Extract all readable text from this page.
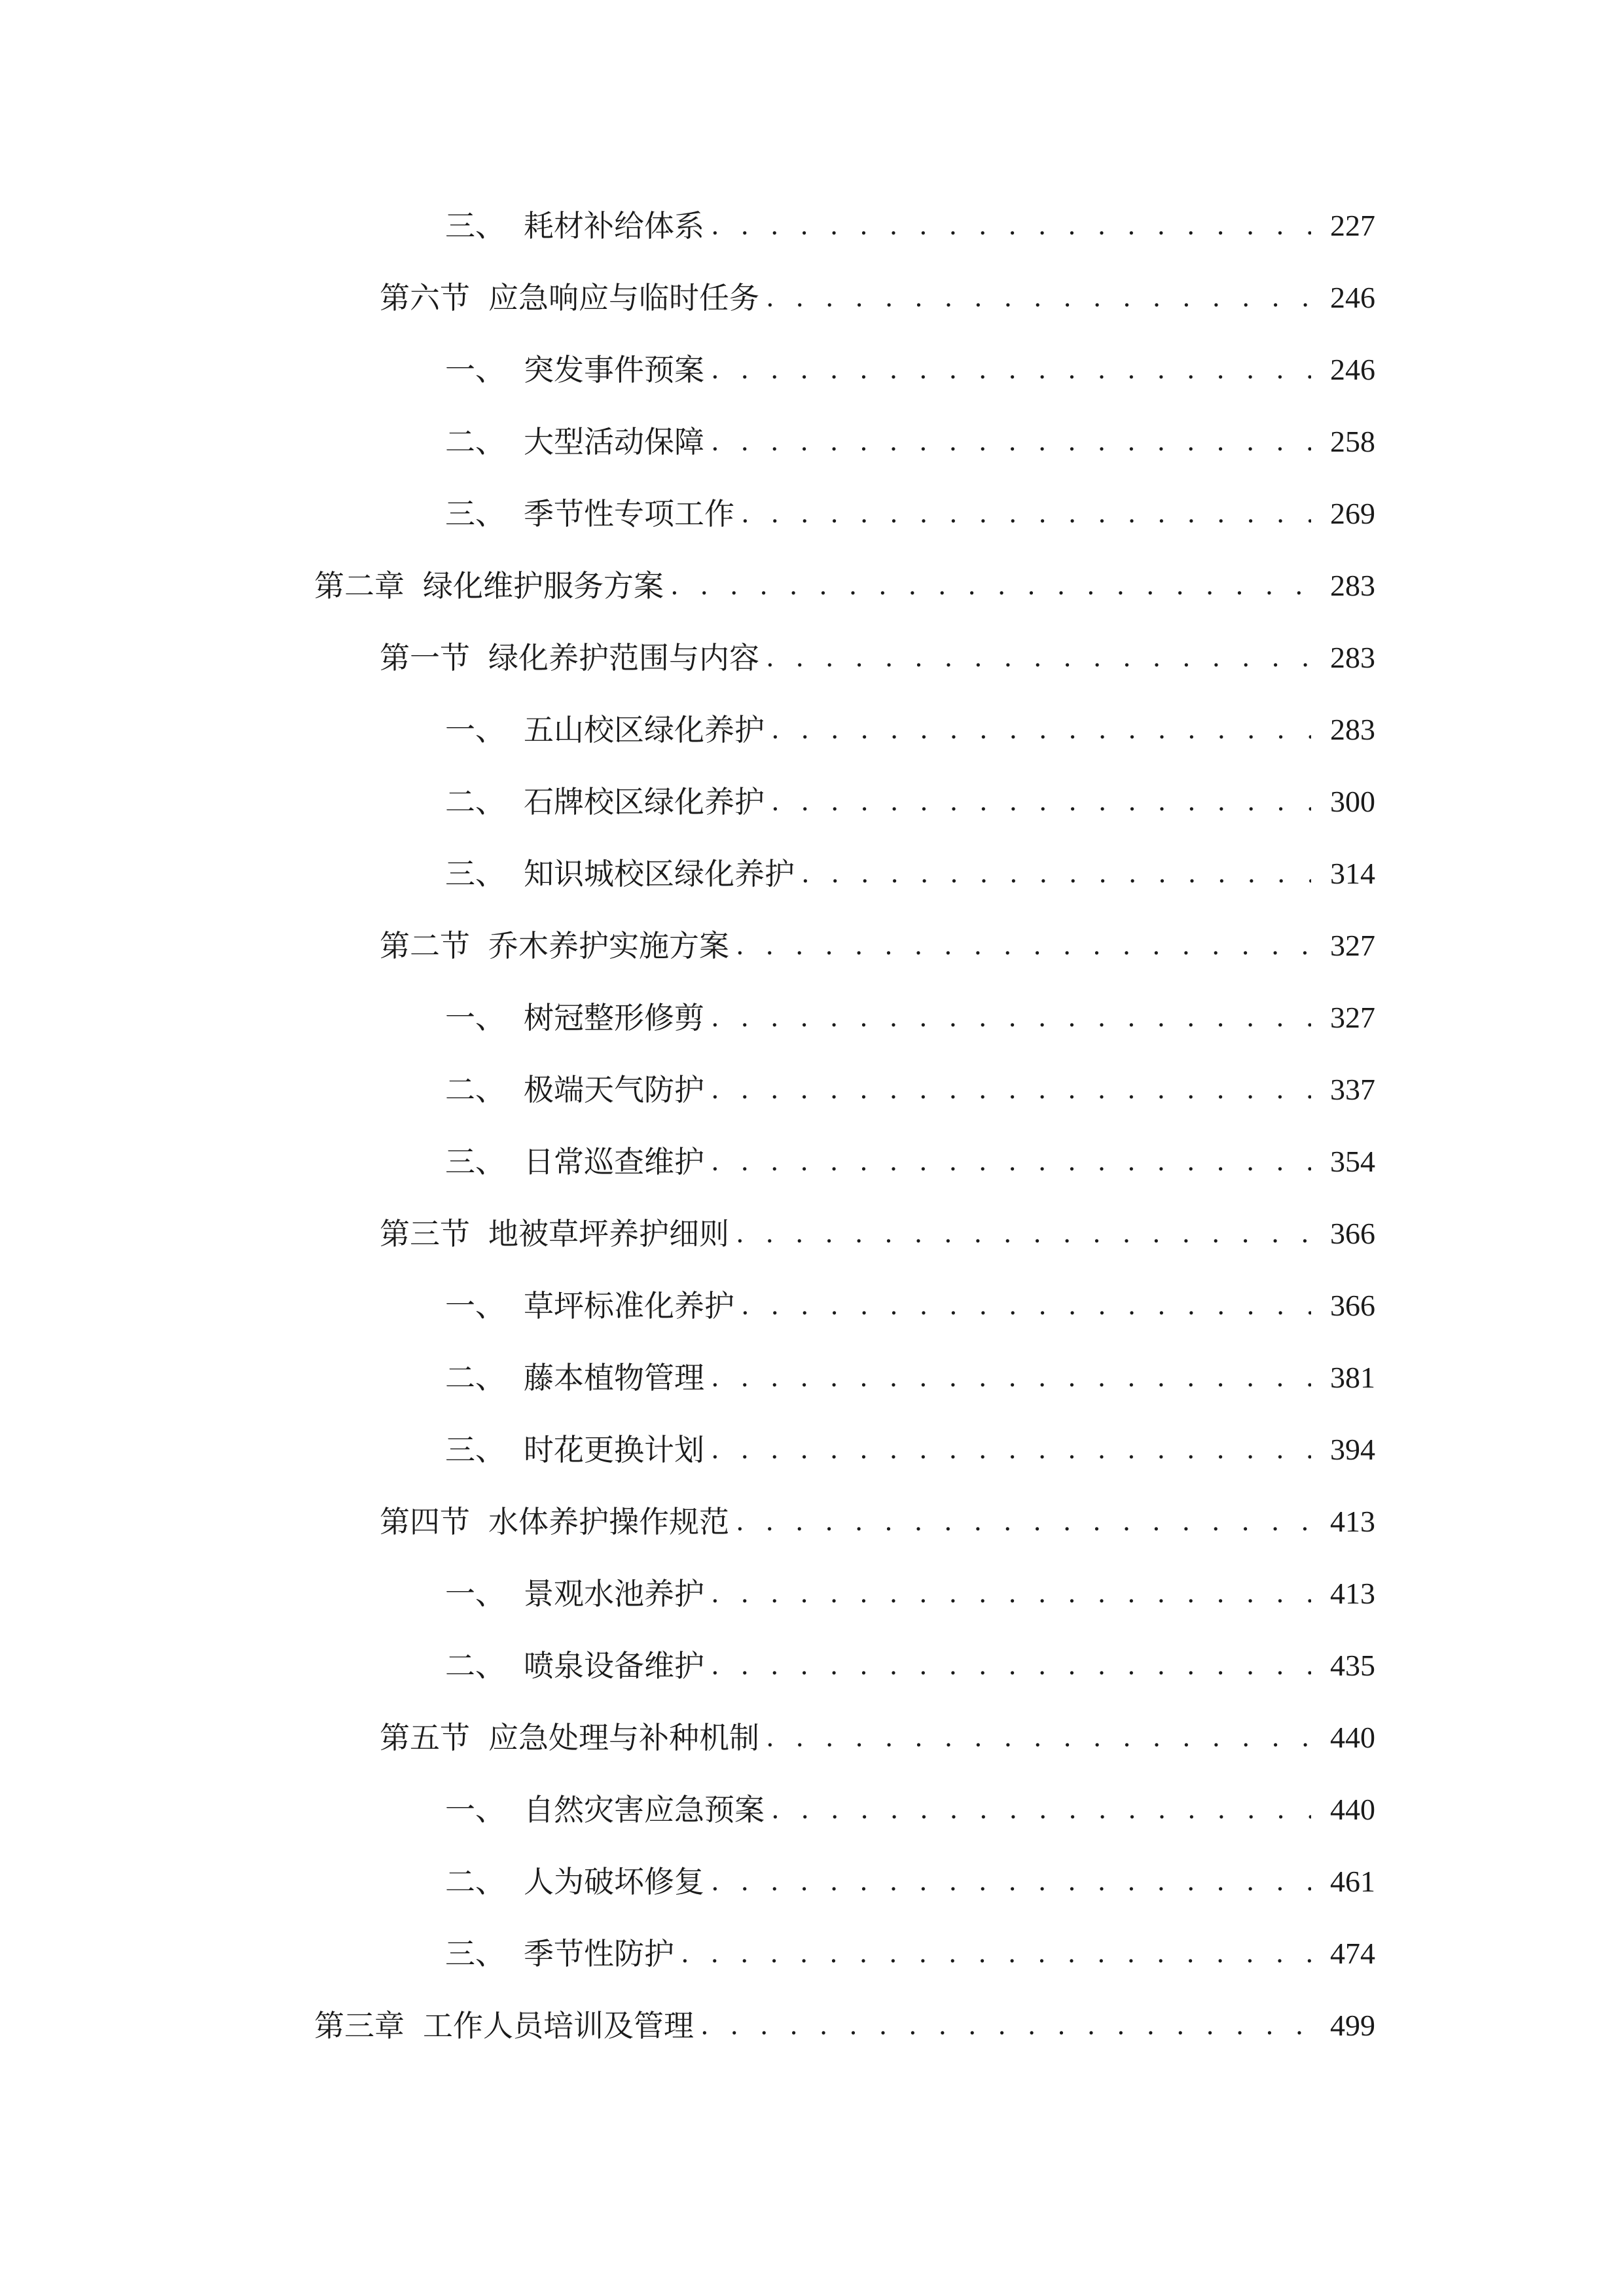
三、 耗材补给体系 . . .	227
第六节 应急响应与临时任务 . . .	246
一、 突发事件预案 . . .	246
二、 大型活动保障 . . .	258
三、 季节性专项工作 . . .	269
第二章 绿化维护服务方案 . . .	283
第一节 绿化养护范围与内容 . . .	283
一、 五山校区绿化养护 . . .	283
二、 石牌校区绿化养护 . . .	300
三、 知识城校区绿化养护 . . .	314
第二节 乔木养护实施方案 . . .	327
一、 树冠整形修剪 . . .	327
二、 极端天气防护 . . .	337
三、 日常巡查维护 . . .	354
第三节 地被草坪养护细则 . . .	366
一、 草坪标准化养护 . . .	366
二、 藤本植物管理 . . .	381
三、 时花更换计划 . . .	394
第四节 水体养护操作规范 . . .	413
一、 景观水池养护 . . .	413
二、 喷泉设备维护 . . .	435
第五节 应急处理与补种机制 . . .	440
一、 自然灾害应急预案 . . .	440
二、 人为破坏修复 . . .	461
三、 季节性防护 . . .	474
第三章 工作人员培训及管理 . . .	499
